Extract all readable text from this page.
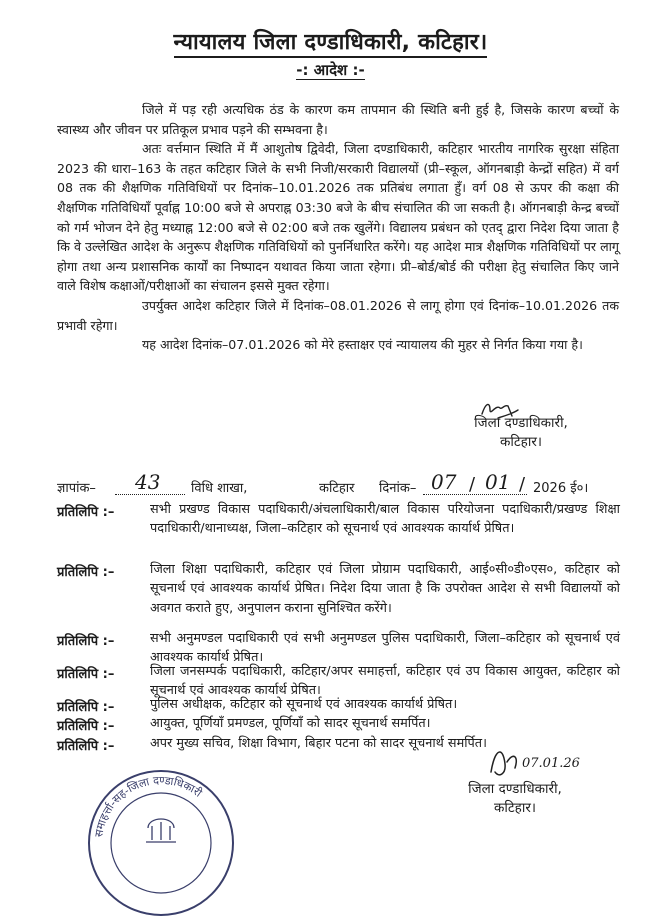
न्यायालय जिला दण्डाधिकारी, कटिहार।
-: आदेश :-

जिले में पड़ रही अत्यधिक ठंड के कारण कम तापमान की स्थिति बनी हुई है, जिसके कारण बच्चों के स्वास्थ्य और जीवन पर प्रतिकूल प्रभाव पड़ने की सम्भवना है।

अतः वर्त्तमान स्थिति में मैं आशुतोष द्विवेदी, जिला दण्डाधिकारी, कटिहार भारतीय नागरिक सुरक्षा संहिता 2023 की धारा–163 के तहत कटिहार जिले के सभी निजी/सरकारी विद्यालयों (प्री–स्कूल, ऑगनबाड़ी केन्द्रों सहित) में वर्ग 08 तक की शैक्षणिक गतिविधियों पर दिनांक–10.01.2026 तक प्रतिबंध लगाता हुँ। वर्ग 08 से ऊपर की कक्षा की शैक्षणिक गतिविधियाँ पूर्वाह्न 10:00 बजे से अपराह्न 03:30 बजे के बीच संचालित की जा सकती है। ऑगनबाड़ी केन्द्र बच्चों को गर्म भोजन देने हेतु मध्याह्न 12:00 बजे से 02:00 बजे तक खुलेंगे। विद्यालय प्रबंधन को एतद् द्वारा निदेश दिया जाता है कि वे उल्लेखित आदेश के अनुरूप शैक्षणिक गतिविधियों को पुनर्निधारित करेंगे। यह आदेश मात्र शैक्षणिक गतिविधियों पर लागू होगा तथा अन्य प्रशासनिक कार्यों का निष्पादन यथावत किया जाता रहेगा। प्री–बोर्ड/बोर्ड की परीक्षा हेतु संचालित किए जाने वाले विशेष कक्षाओं/परीक्षाओं का संचालन इससे मुक्त रहेगा।

उपर्युक्त आदेश कटिहार जिले में दिनांक–08.01.2026 से लागू होगा एवं दिनांक–10.01.2026 तक प्रभावी रहेगा।

यह आदेश दिनांक–07.01.2026 को मेरे हस्ताक्षर एवं न्यायालय की मुहर से निर्गत किया गया है।

जिला दण्डाधिकारी,
कटिहार।
ज्ञापांक– 43 विधि शाखा,	कटिहार दिनांक– 07 / 01 / 2026 ई०।
प्रतिलिपि :–	सभी प्रखण्ड विकास पदाधिकारी/अंचलाधिकारी/बाल विकास परियोजना पदाधिकारी/प्रखण्ड शिक्षा पदाधिकारी/थानाध्यक्ष, जिला–कटिहार को सूचनार्थ एवं आवश्यक कार्यार्थ प्रेषित।
प्रतिलिपि :–	जिला शिक्षा पदाधिकारी, कटिहार एवं जिला प्रोग्राम पदाधिकारी, आई०सी०डी०एस०, कटिहार को सूचनार्थ एवं आवश्यक कार्यार्थ प्रेषित। निदेश दिया जाता है कि उपरोक्त आदेश से सभी विद्यालयों को अवगत कराते हुए, अनुपालन कराना सुनिश्चित करेंगे।
प्रतिलिपि :–	सभी अनुमण्डल पदाधिकारी एवं सभी अनुमण्डल पुलिस पदाधिकारी, जिला–कटिहार को सूचनार्थ एवं आवश्यक कार्यार्थ प्रेषित।
प्रतिलिपि :–	जिला जनसम्पर्क पदाधिकारी, कटिहार/अपर समाहर्त्ता, कटिहार एवं उप विकास आयुक्त, कटिहार को सूचनार्थ एवं आवश्यक कार्यार्थ प्रेषित।
प्रतिलिपि :–	पुलिस अधीक्षक, कटिहार को सूचनार्थ एवं आवश्यक कार्यार्थ प्रेषित।
प्रतिलिपि :–	आयुक्त, पूर्णियाँ प्रमण्डल, पूर्णियाँ को सादर सूचनार्थ समर्पित।
प्रतिलिपि :–	अपर मुख्य सचिव, शिक्षा विभाग, बिहार पटना को सादर सूचनार्थ समर्पित।
07.01.26
जिला दण्डाधिकारी,
कटिहार।
समाहर्त्ता-सह-जिला दण्डाधिकारी
